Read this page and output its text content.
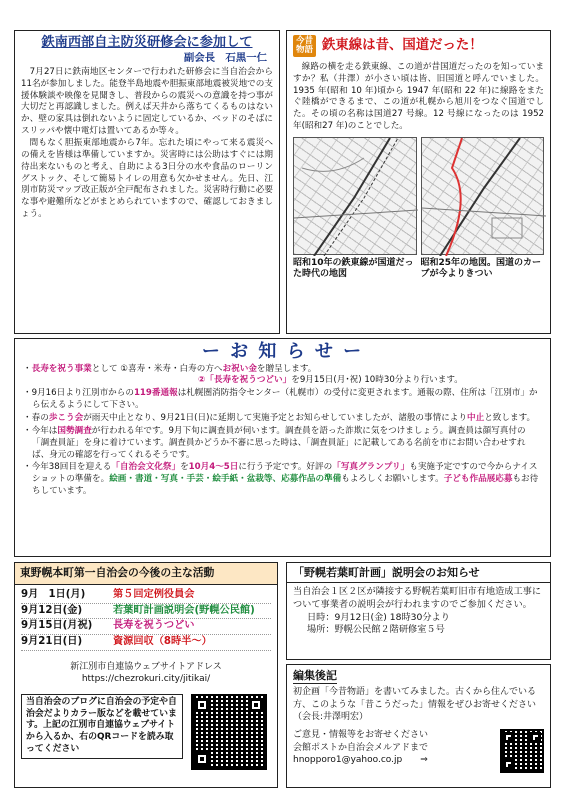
鉄南西部自主防災研修会に参加して
副会長　石黒一仁

7月27日に鉄南地区センターで行われた研修会に当自治会から11名が参加しました。能登半島地震や胆振東部地震被災地での支援体験談や映像を見聞きし、普段からの震災への意識を持つ事が大切だと再認識しました。例えば天井から落ちてくるものはないか、壁の家具は倒れないように固定しているか、ベッドのそばにスリッパや懐中電灯は置いてあるか等々。

間もなく胆振東部地震から7年。忘れた頃にやって来る震災への備えを皆様は準備していますか。災害時には公助はすぐには期待出来ないものと考え、自助による3日分の水や食品のローリングストック、そして簡易トイレの用意も欠かせません。先日、江別市防災マップ改正版が全戸配布されました。災害時行動に必要な事や避難所などがまとめられていますので、確認しておきましょう。

今昔
物語 鉄東線は昔、国道だった！

線路の横を走る鉄東線、この道が昔国道だったのを知っていますか？私（井澤）が小さい頃は皆、旧国道と呼んでいました。1935 年(昭和 10 年)頃から 1947 年(昭和 22 年)に線路をまたぐ陸橋ができるまで、この道が札幌から旭川をつなぐ国道でした。その頃の名称は国道27 号線。12 号線になったのは 1952 年(昭和27 年)のことでした。

昭和10年の鉄東線が国道だった時代の地図
昭和25年の地図。国道のカーブが今よりきつい
ー お 知 ら せ ー
・長寿を祝う事業として ①喜寿・米寿・白寿の方へお祝い金を贈呈します。
②「長寿を祝うつどい」を9月15日(月･祝) 10時30分より行います。
・9月16日より江別市からの119番通報は札幌圏消防指令センター（札幌市）の受付に変更されます。通報の際、住所は「江別市」から伝えるようにして下さい。
・春の歩こう会が雨天中止となり、9月21日(日)に延期して実施予定とお知らせしていましたが、諸般の事情により中止と致します。
・今年は国勢調査が行われる年です。9月下旬に調査員が伺います。調査員を語った詐欺に気をつけましょう。調査員は顔写真付の「調査員証」を身に着けています。調査員かどうか不審に思った時は、「調査員証」に記載してある名前を市にお問い合わせすれば、身元の確認を行ってくれるそうです。
・今年38回目を迎える「自治会文化祭」を10月4～5日に行う予定です。好評の「写真グランプリ」も実施予定ですので今からナイスショットの準備を。絵画・書道・写真・手芸・絵手紙・盆栽等、応募作品の準備もよろしくお願いします。子ども作品展応募もお待ちしています。
東野幌本町第一自治会の今後の主な活動
9月　1日(月)	第５回定例役員会
9月12日(金)	若葉町計画説明会(野幌公民館)
9月15日(月祝)	長寿を祝うつどい
9月21日(日)	資源回収（8時半～）
新江別市自連協ウェブサイトアドレス
https://chezrokuri.city/jitikai/
当自治会のブログに自治会の予定や自治会だよりカラー版などを載せています。上記の江別市自連協ウェブサイトから入るか、右のQRコードを読み取ってください
「野幌若葉町計画」説明会のお知らせ

当自治会１区２区が隣接する野幌若葉町旧市有地造成工事について事業者の説明会が行われますのでご参加ください。

日時：9月12日(金) 18時30分より
場所：野幌公民館２階研修室５号
編集後記

初企画「今昔物語」を書いてみました。古くから住んでいる方、このような「昔こうだった」情報をぜひお寄せください（会長:井澤明宏）

ご意見・情報等をお寄せください
会館ポストか自治会メルアドまで
hnopporo1@yahoo.co.jp ⇒
